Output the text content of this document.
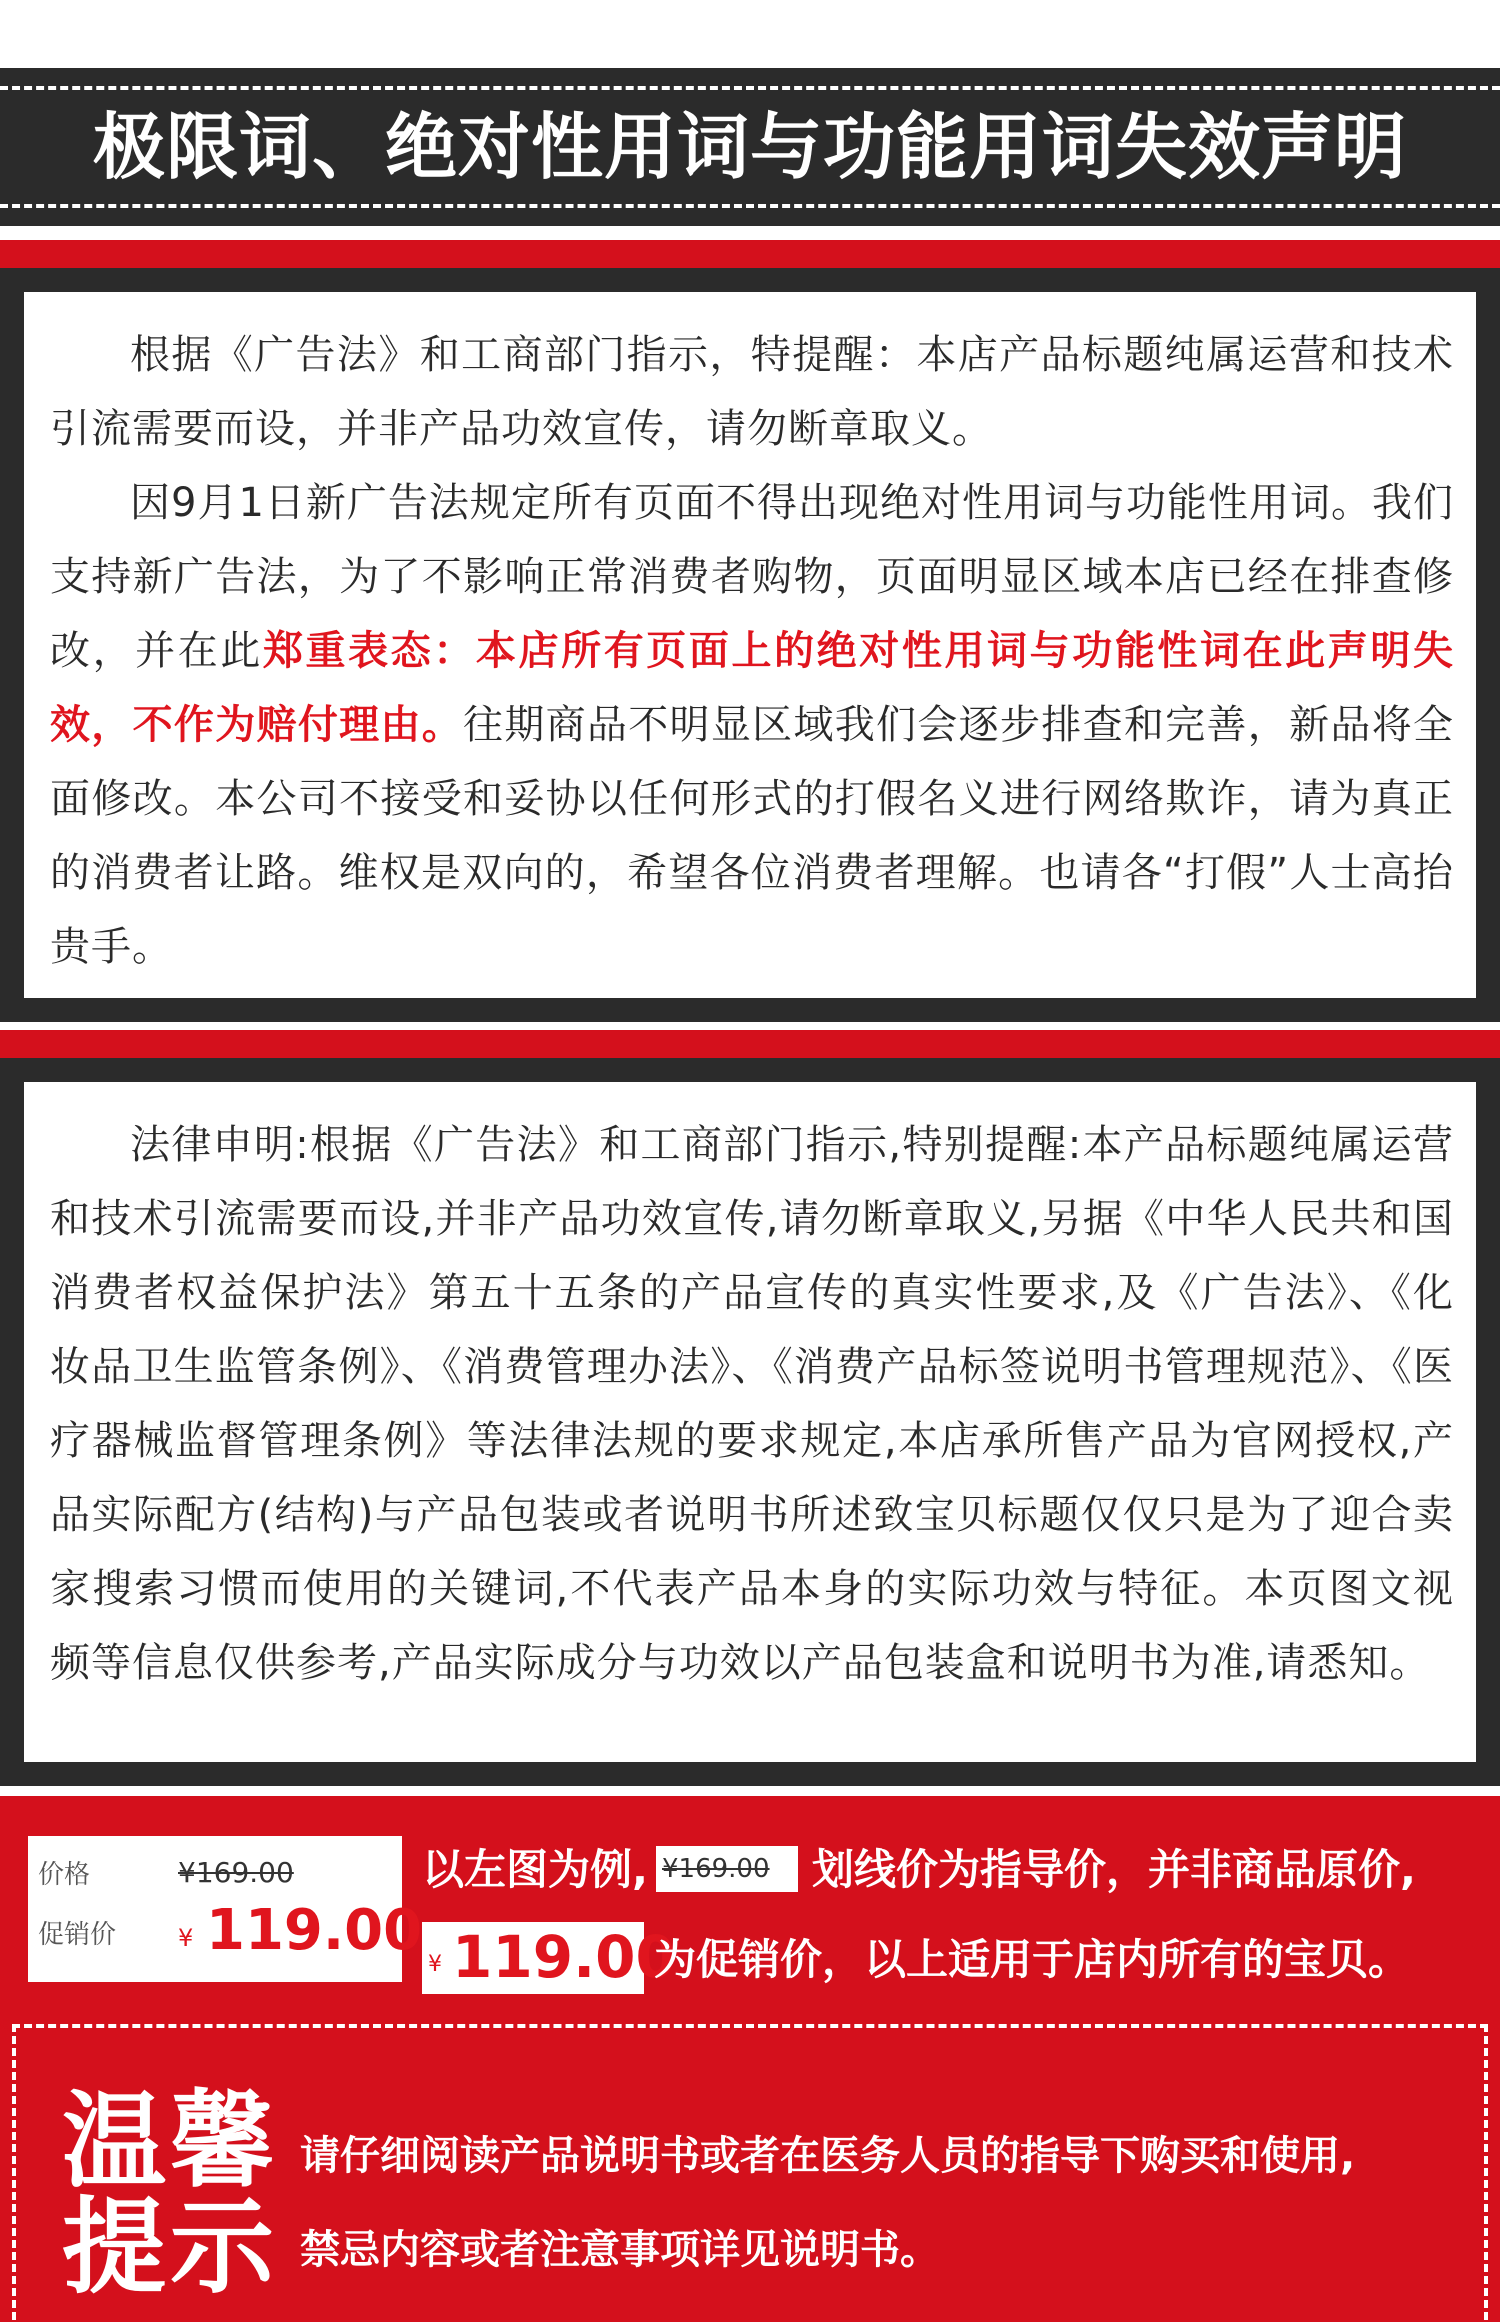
极限词、绝对性用词与功能用词失效声明

根据《广告法》和工商部门指示，特提醒：本店产品标题纯属运营和技术引流需要而设，并非产品功效宣传，请勿断章取义。

因9月1日新广告法规定所有页面不得出现绝对性用词与功能性用词。我们支持新广告法，为了不影响正常消费者购物，页面明显区域本店已经在排查修改，并在此郑重表态：本店所有页面上的绝对性用词与功能性词在此声明失效，不作为赔付理由。往期商品不明显区域我们会逐步排查和完善，新品将全面修改。本公司不接受和妥协以任何形式的打假名义进行网络欺诈，请为真正的消费者让路。维权是双向的，希望各位消费者理解。也请各“打假”人士高抬贵手。

法律申明:根据《广告法》和工商部门指示,特别提醒:本产品标题纯属运营和技术引流需要而设,并非产品功效宣传,请勿断章取义,另据《中华人民共和国消费者权益保护法》第五十五条的产品宣传的真实性要求,及《广告法》、《化妆品卫生监管条例》、《消费管理办法》、《消费产品标签说明书管理规范》、《医疗器械监督管理条例》等法律法规的要求规定,本店承所售产品为官网授权,产品实际配方(结构)与产品包装或者说明书所述致宝贝标题仅仅只是为了迎合卖家搜索习惯而使用的关键词,不代表产品本身的实际功效与特征。本页图文视频等信息仅供参考,产品实际成分与功效以产品包装盒和说明书为准,请悉知。

价格	¥169.00
促销价	¥ 119.00
以左图为例, ¥169.00 划线价为指导价，并非商品原价,
¥ 119.00
为促销价，以上适用于店内所有的宝贝。
温馨
提示
请仔细阅读产品说明书或者在医务人员的指导下购买和使用,
禁忌内容或者注意事项详见说明书。
